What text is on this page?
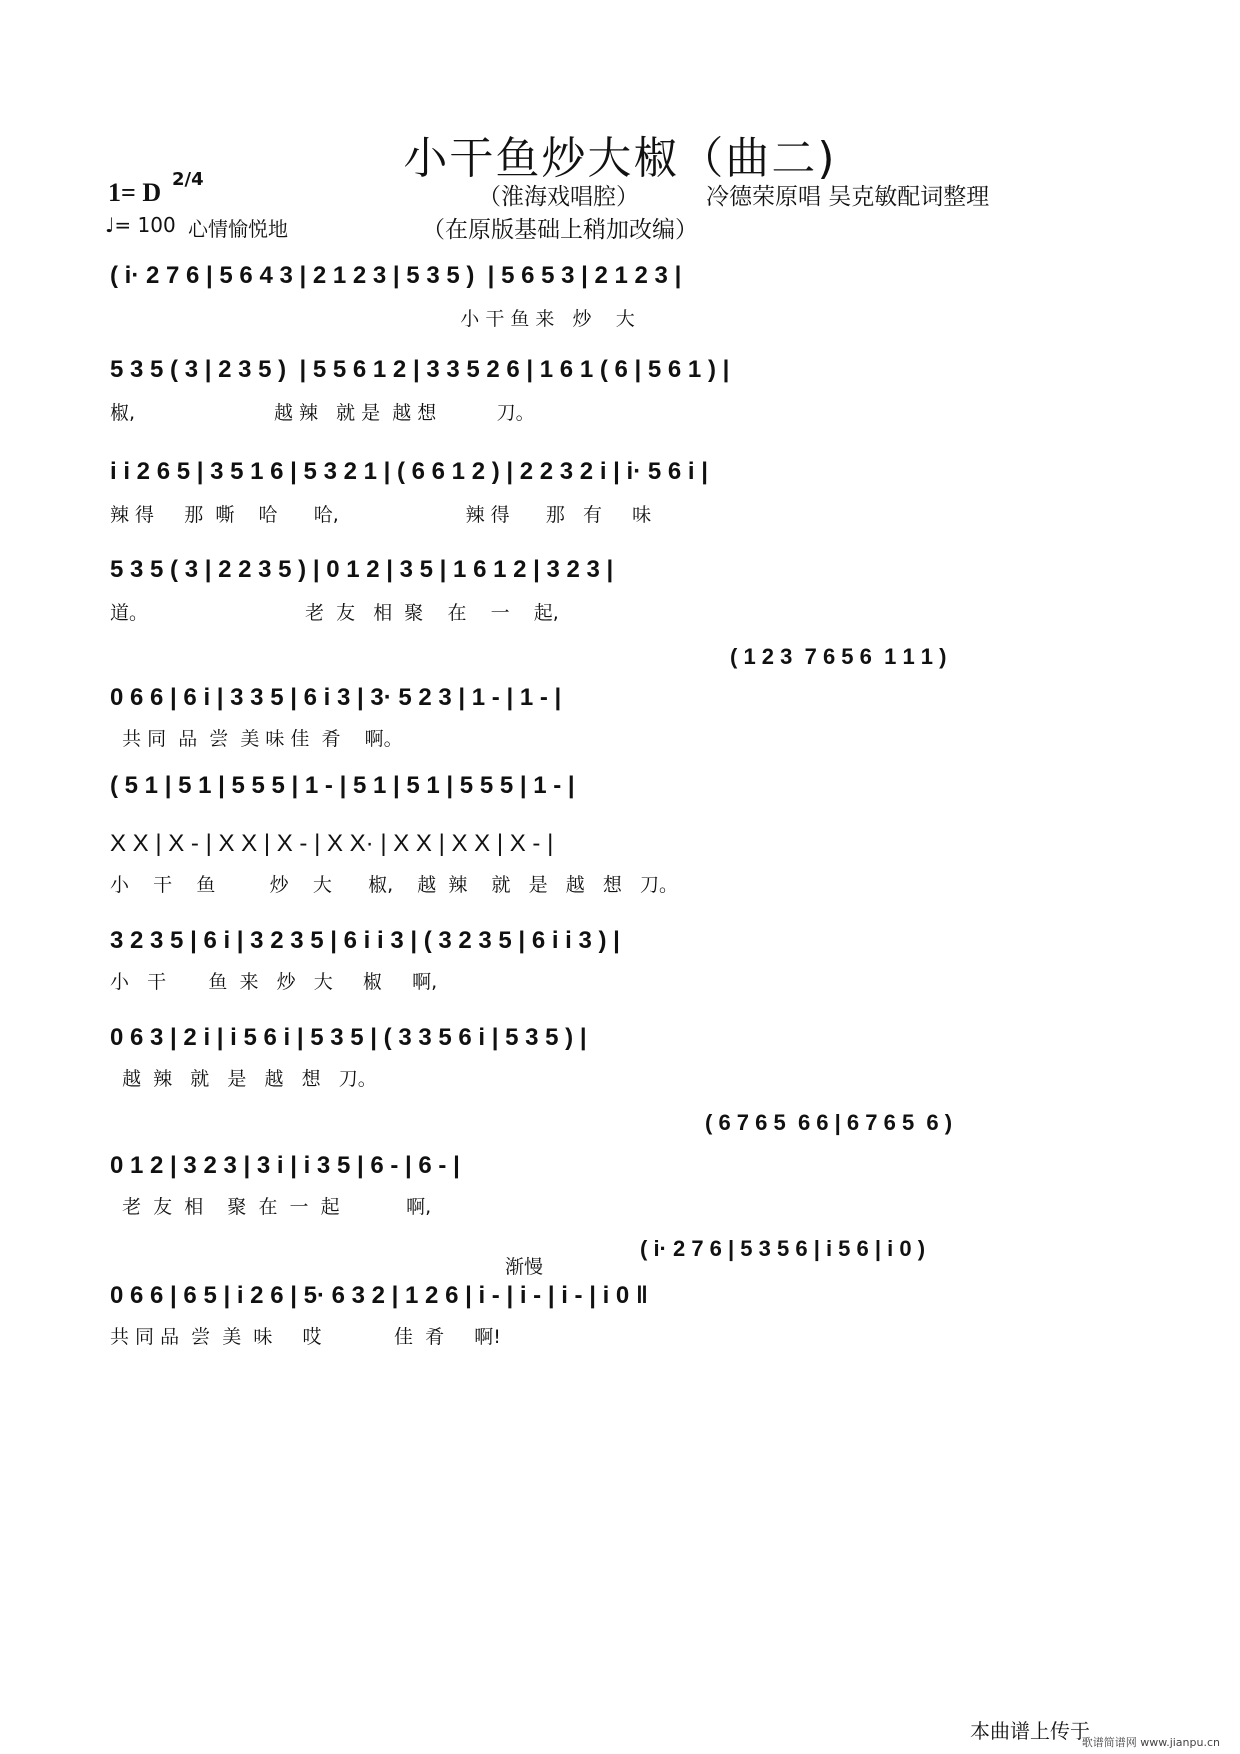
小干鱼炒大椒（曲二)
1= D 2/4
♩= 100 心情愉悦地
（淮海戏唱腔）	冷德荣原唱 吴克敏配词整理
（在原版基础上稍加改编）
( i· 2 7 6 | 5 6 4 3 | 2 1 2 3 | 5 3 5 )  | 5 6 5 3 | 2 1 2 3 |
小 干 鱼 来   炒    大
5 3 5 ( 3 | 2 3 5 )  | 5 5 6 1 2 | 3 3 5 2 6 | 1 6 1 ( 6 | 5 6 1 ) |
椒,                       越 辣   就 是  越 想          刀。
i i 2 6 5 | 3 5 1 6 | 5 3 2 1 | ( 6 6 1 2 ) | 2 2 3 2 i | i· 5 6 i |
辣 得     那  嘶    哈      哈,                     辣 得      那   有     味
5 3 5 ( 3 | 2 2 3 5 ) | 0 1 2 | 3 5 | 1 6 1 2 | 3 2 3 |
道。                          老  友   相  聚    在    一    起,
( 1 2 3  7 6 5 6  1 1 1 )
0 6 6 | 6 i | 3 3 5 | 6 i 3 | 3· 5 2 3 | 1 - | 1 - |
共 同  品  尝  美 味 佳  肴    啊。
( 5 1 | 5 1 | 5 5 5 | 1 - | 5 1 | 5 1 | 5 5 5 | 1 - |
X X | X - | X X | X - | X X· | X X | X X | X - |
小    干    鱼         炒    大      椒,    越  辣    就   是   越   想   刀。
3 2 3 5 | 6 i | 3 2 3 5 | 6 i i 3 | ( 3 2 3 5 | 6 i i 3 ) |
小   干       鱼  来   炒   大     椒     啊,
0 6 3 | 2 i | i 5 6 i | 5 3 5 | ( 3 3 5 6 i | 5 3 5 ) |
越  辣   就   是   越   想   刀。
( 6 7 6 5  6 6 | 6 7 6 5  6 )
0 1 2 | 3 2 3 | 3 i | i 3 5 | 6 - | 6 - |
老  友  相    聚  在  一  起           啊,
渐慢
( i· 2 7 6 | 5 3 5 6 | i 5 6 | i 0 )
0 6 6 | 6 5 | i 2 6 | 5· 6 3 2 | 1 2 6 | i - | i - | i - | i 0 ‖
共 同 品  尝  美  味     哎            佳  肴     啊!
本曲谱上传于
歌谱简谱网 www.jianpu.cn
